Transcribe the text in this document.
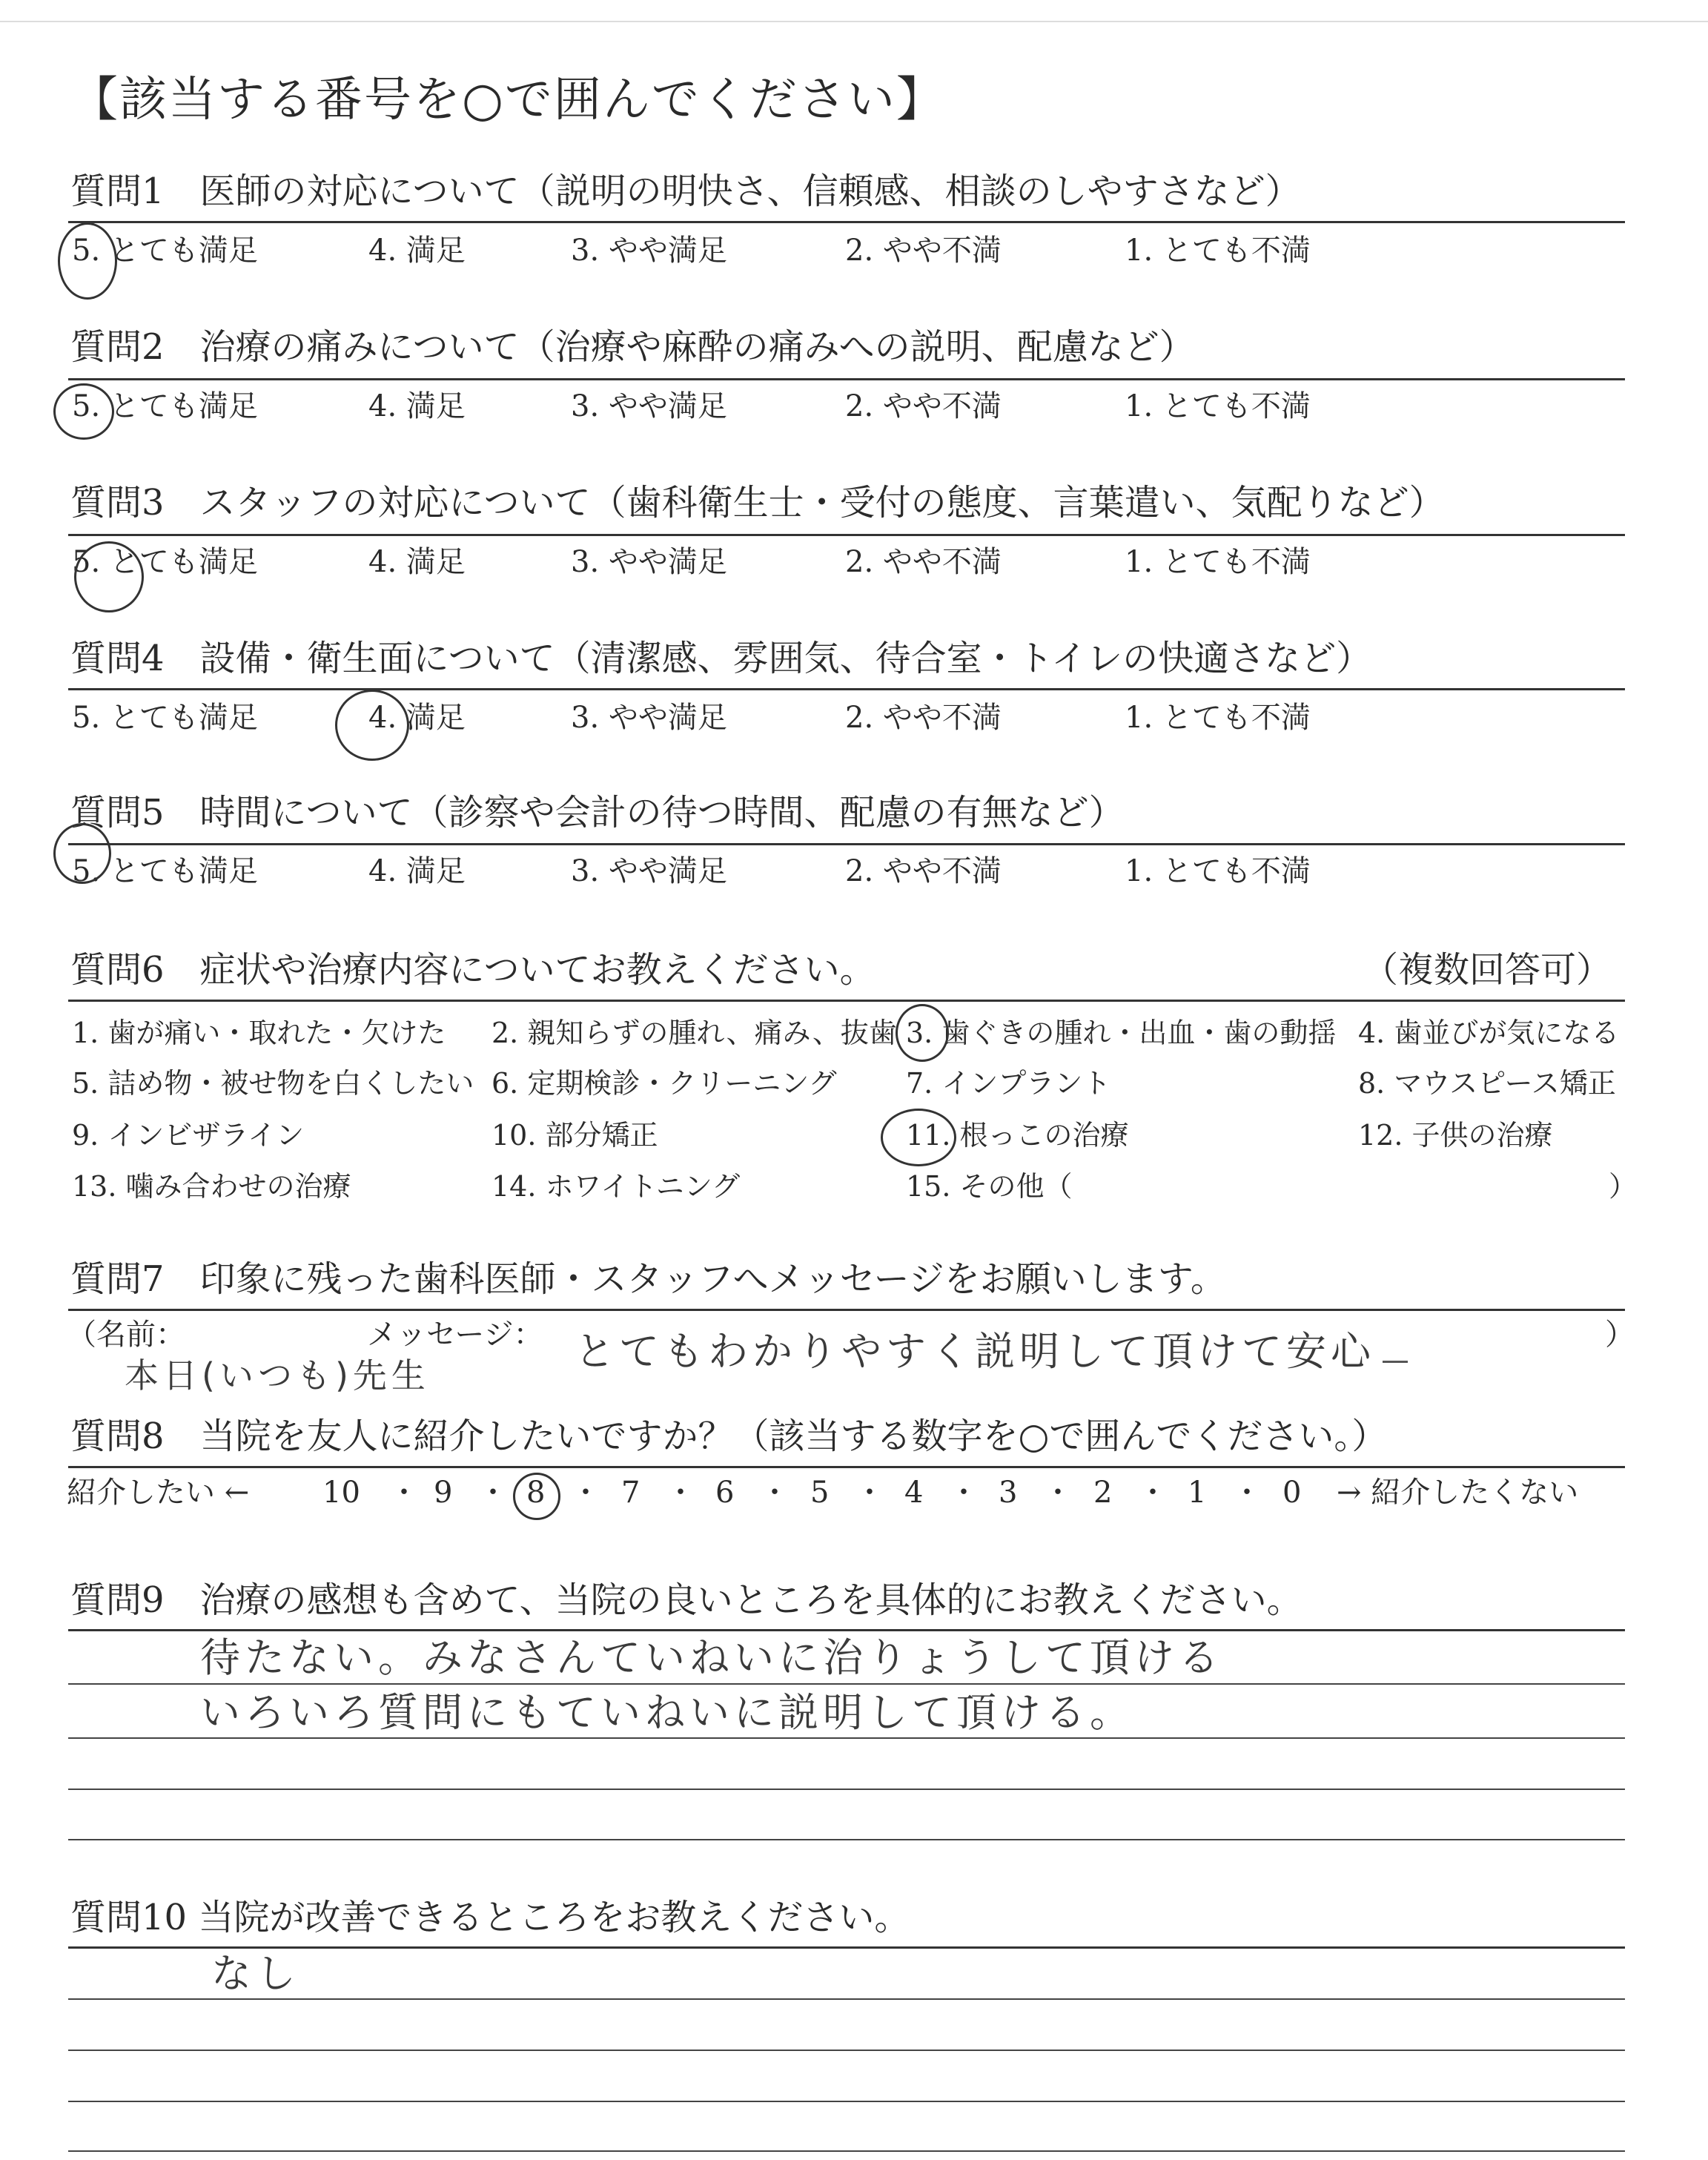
【該当する番号を○で囲んでください】
質問1　医師の対応について（説明の明快さ、信頼感、相談のしやすさなど）
5. とても満足	4. 満足	3. やや満足	2. やや不満	1. とても不満
質問2　治療の痛みについて（治療や麻酔の痛みへの説明、配慮など）
5. とても満足	4. 満足	3. やや満足	2. やや不満	1. とても不満
質問3　スタッフの対応について（歯科衛生士・受付の態度、言葉遣い、気配りなど）
5. とても満足	4. 満足	3. やや満足	2. やや不満	1. とても不満
質問4　設備・衛生面について（清潔感、雰囲気、待合室・トイレの快適さなど）
5. とても満足	4. 満足	3. やや満足	2. やや不満	1. とても不満
質問5　時間について（診察や会計の待つ時間、配慮の有無など）
5. とても満足	4. 満足	3. やや満足	2. やや不満	1. とても不満
質問6　症状や治療内容についてお教えください。	（複数回答可）
1. 歯が痛い・取れた・欠けた 2. 親知らずの腫れ、痛み、抜歯 3. 歯ぐきの腫れ・出血・歯の動揺 4. 歯並びが気になる
5. 詰め物・被せ物を白くしたい 6. 定期検診・クリーニング 7. インプラント	8. マウスピース矯正
9. インビザライン	10. 部分矯正	11. 根っこの治療	12. 子供の治療
13. 噛み合わせの治療	14. ホワイトニング	15. その他（	）
質問7　印象に残った歯科医師・スタッフへメッセージをお願いします。
（名前：	メッセージ：	）
本日(いつも)先生
とてもわかりやすく説明して頂けて安心
質問8　当院を友人に紹介したいですか？（該当する数字を○で囲んでください。）
紹介したい ← 10 ・ 9 ・ 8 ・ 7 ・ 6 ・ 5 ・ 4 ・ 3 ・ 2 ・ 1 ・ 0 → 紹介したくない
質問9　治療の感想も含めて、当院の良いところを具体的にお教えください。
待たない。みなさんていねいに治りょうして頂ける
いろいろ質問にもていねいに説明して頂ける。
質問10 当院が改善できるところをお教えください。
なし
